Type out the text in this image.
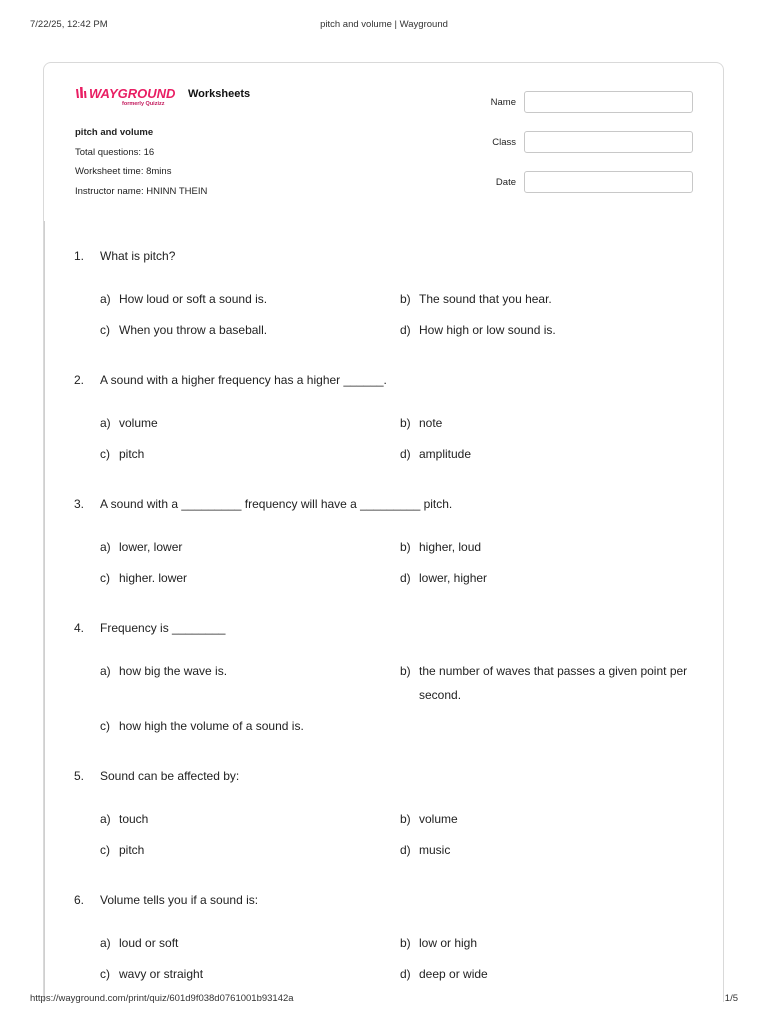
7/22/25, 12:42 PM	pitch and volume | Wayground
WAYGROUND Worksheets
formerly Quizizz
pitch and volume
Total questions: 16
Worksheet time: 8mins
Instructor name: HNINN THEIN
Name
Class
Date
1. What is pitch?
a) How loud or soft a sound is.	b) The sound that you hear.
c) When you throw a baseball.	d) How high or low sound is.
2. A sound with a higher frequency has a higher ______.
a) volume	b) note
c) pitch	d) amplitude
3. A sound with a _________ frequency will have a _________ pitch.
a) lower, lower	b) higher, loud
c) higher. lower	d) lower, higher
4. Frequency is ________
a) how big the wave is.	b) the number of waves that passes a given point per second.
c) how high the volume of a sound is.
5. Sound can be affected by:
a) touch	b) volume
c) pitch	d) music
6. Volume tells you if a sound is:
a) loud or soft	b) low or high
c) wavy or straight	d) deep or wide
https://wayground.com/print/quiz/601d9f038d0761001b93142a	1/5
